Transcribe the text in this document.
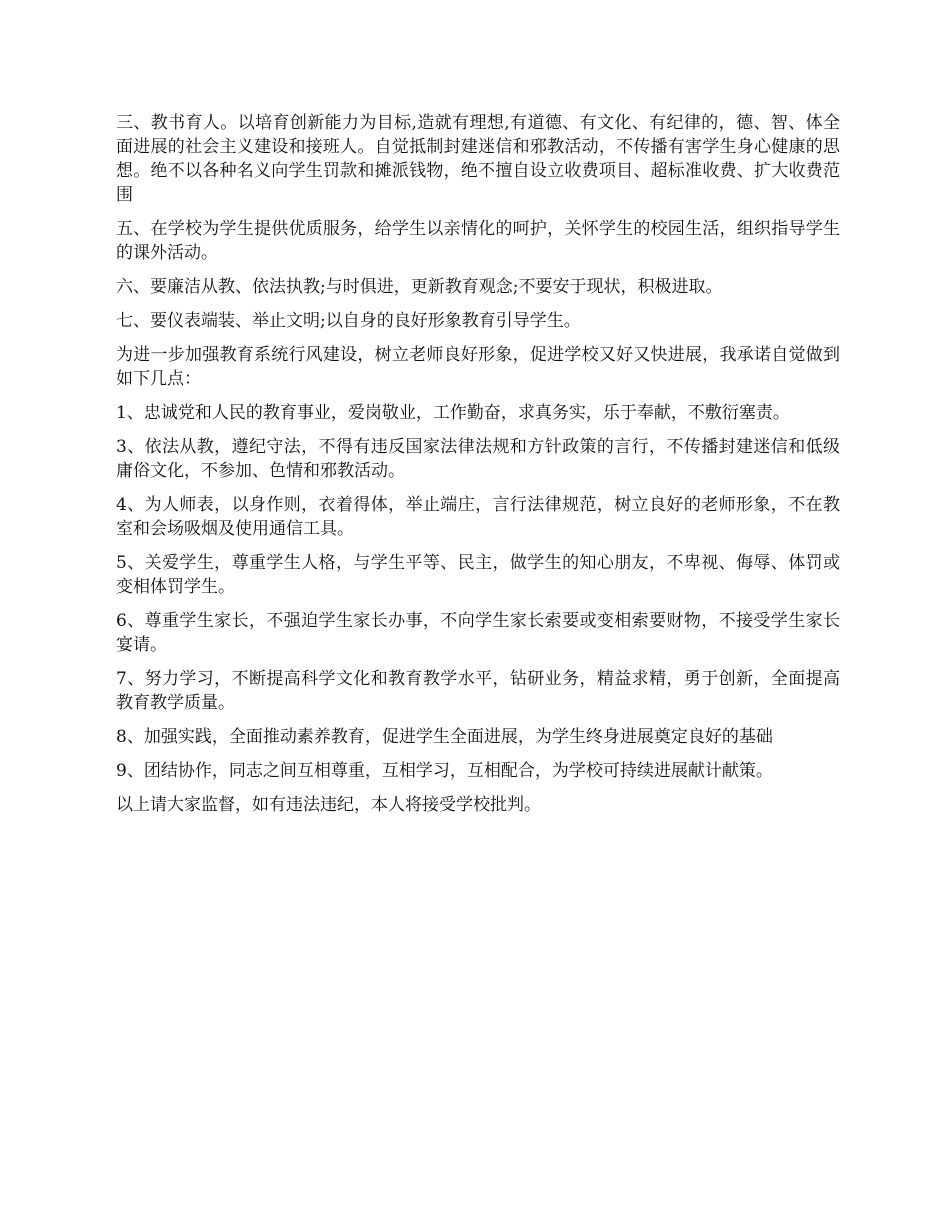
三、教书育人。以培育创新能力为目标,造就有理想,有道德、有文化、有纪律的，德、智、体全面进展的社会主义建设和接班人。自觉抵制封建迷信和邪教活动，不传播有害学生身心健康的思想。绝不以各种名义向学生罚款和摊派钱物，绝不擅自设立收费项目、超标准收费、扩大收费范围

五、在学校为学生提供优质服务，给学生以亲情化的呵护，关怀学生的校园生活，组织指导学生的课外活动。

六、要廉洁从教、依法执教;与时俱进，更新教育观念;不要安于现状，积极进取。

七、要仪表端装、举止文明;以自身的良好形象教育引导学生。

为进一步加强教育系统行风建设，树立老师良好形象，促进学校又好又快进展，我承诺自觉做到如下几点：

1、忠诚党和人民的教育事业，爱岗敬业，工作勤奋，求真务实，乐于奉献，不敷衍塞责。

3、依法从教，遵纪守法，不得有违反国家法律法规和方针政策的言行，不传播封建迷信和低级庸俗文化，不参加、色情和邪教活动。

4、为人师表，以身作则，衣着得体，举止端庄，言行法律规范，树立良好的老师形象，不在教室和会场吸烟及使用通信工具。

5、关爱学生，尊重学生人格，与学生平等、民主，做学生的知心朋友，不卑视、侮辱、体罚或变相体罚学生。

6、尊重学生家长，不强迫学生家长办事，不向学生家长索要或变相索要财物，不接受学生家长宴请。

7、努力学习，不断提高科学文化和教育教学水平，钻研业务，精益求精，勇于创新，全面提高教育教学质量。

8、加强实践，全面推动素养教育，促进学生全面进展，为学生终身进展奠定良好的基础

9、团结协作，同志之间互相尊重，互相学习，互相配合，为学校可持续进展献计献策。

以上请大家监督，如有违法违纪，本人将接受学校批判。
